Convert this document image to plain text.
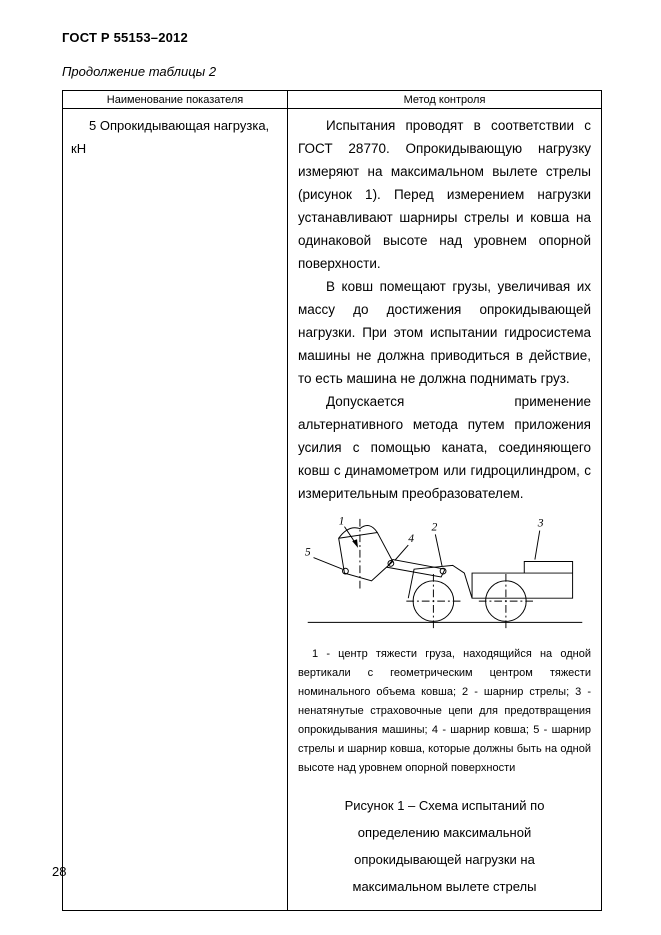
ГОСТ Р 55153–2012
Продолжение таблицы 2
Наименование показателя	Метод контроля
5 Опрокидывающая нагрузка,
кН

Испытания проводят в соответствии с ГОСТ 28770. Опрокидывающую нагрузку измеряют на максимальном вылете стрелы (рисунок 1). Перед измерением нагрузки устанавливают шарниры стрелы и ковша на одинаковой высоте над уровнем опорной поверхности.

В ковш помещают грузы, увеличивая их массу до достижения опрокидывающей нагрузки. При этом испытании гидросистема машины не должна приводиться в действие, то есть машина не должна поднимать груз.

Допускается применение альтернативного метода путем приложения усилия с помощью каната, соединяющего ковш с динамометром или гидроцилиндром, с измерительным преобразователем.

1	2	3
4
5

1 - центр тяжести груза, находящийся на одной вертикали с геометрическим центром тяжести номинального объема ковша; 2 - шарнир стрелы; 3 - ненатянутые страховочные цепи для предотвращения опрокидывания машины; 4 - шарнир ковша; 5 - шарнир стрелы и шарнир ковша, которые должны быть на одной высоте над уровнем опорной поверхности

Рисунок 1 – Схема испытаний по определению максимальной опрокидывающей нагрузки на максимальном вылете стрелы

28
